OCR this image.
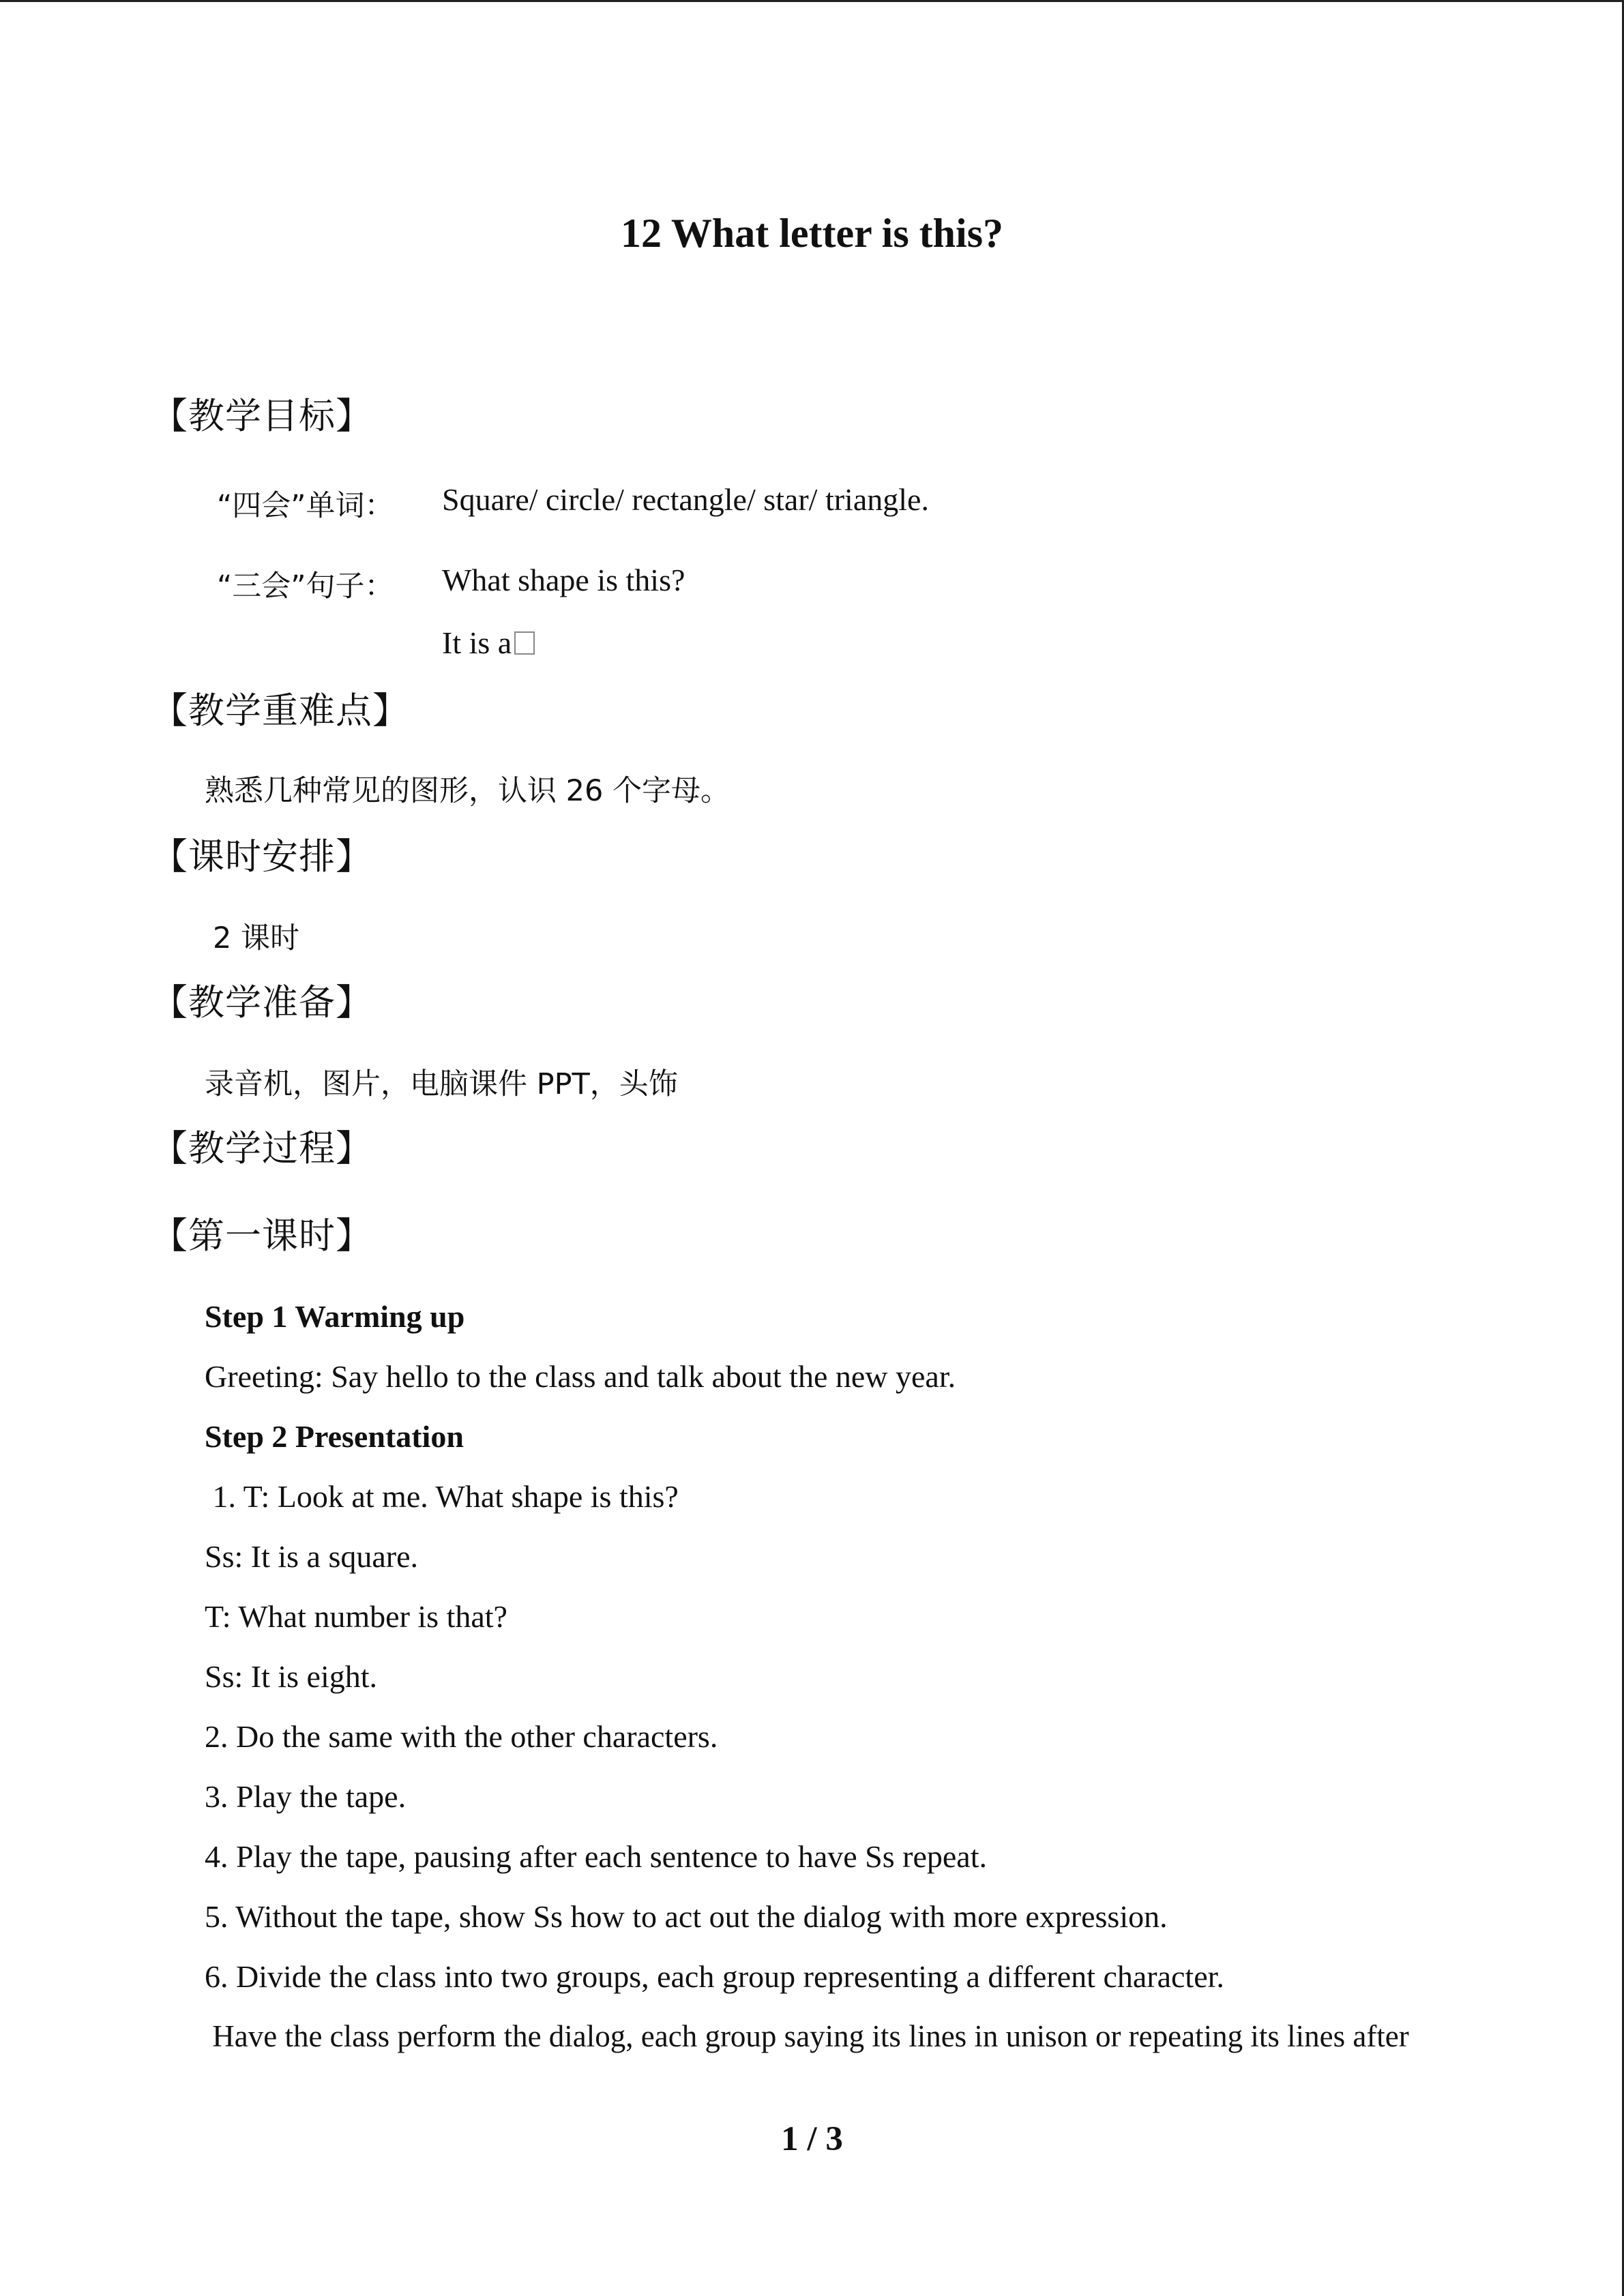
12 What letter is this?
【教学目标】
“四会”单词： Square/ circle/ rectangle/ star/ triangle.
“三会”句子： What shape is this?
It is a
【教学重难点】
熟悉几种常见的图形，认识 26 个字母。
【课时安排】
2 课时
【教学准备】
录音机，图片，电脑课件 PPT，头饰
【教学过程】
【第一课时】
Step 1 Warming up
Greeting: Say hello to the class and talk about the new year.
Step 2 Presentation
1. T: Look at me. What shape is this?
Ss: It is a square.
T: What number is that?
Ss: It is eight.
2. Do the same with the other characters.
3. Play the tape.
4. Play the tape, pausing after each sentence to have Ss repeat.
5. Without the tape, show Ss how to act out the dialog with more expression.
6. Divide the class into two groups, each group representing a different character.
Have the class perform the dialog, each group saying its lines in unison or repeating its lines after
1 / 3
